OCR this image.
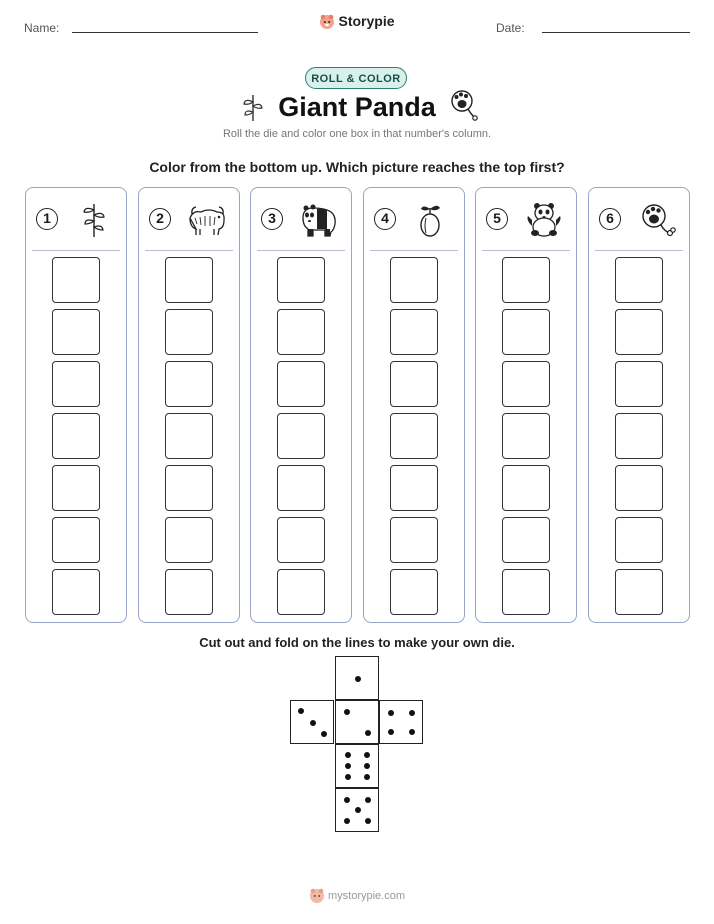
Name:	Storypie	Date:
ROLL & COLOR
Giant Panda
Roll the die and color one box in that number's column.
Color from the bottom up. Which picture reaches the top first?
1	2	3	4	5	6
Cut out and fold on the lines to make your own die.
mystorypie.com
